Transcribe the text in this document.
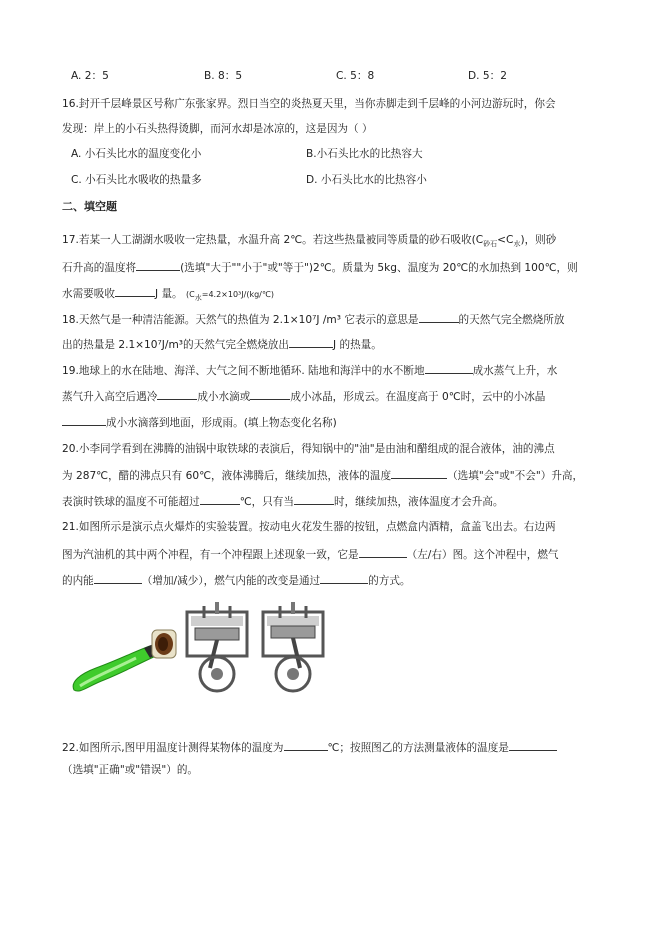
A. 2：5	B. 8：5	C. 5：8	D. 5：2
16.封开千层峰景区号称广东张家界。烈日当空的炎热夏天里，当你赤脚走到千层峰的小河边游玩时，你会
发现：岸上的小石头热得烫脚，而河水却是冰凉的，这是因为（ ）
A. 小石头比水的温度变化小	B.小石头比水的比热容大
C. 小石头比水吸收的热量多	D. 小石头比水的比热容小
二、填空题
17.若某一人工湖湖水吸收一定热量，水温升高 2℃。若这些热量被同等质量的砂石吸收$(C_{砂石}<C_水)$，则砂
石升高的温度将	(选填"大于""小于"或"等于")2℃。质量为 5kg、温度为 20℃的水加热到 100℃，则
水需要吸收	J 量。 ($C_水=4.2\times 10^3J/(kg/℃)$
18.天然气是一种清洁能源。天然气的热值为 2.1×10⁷J /m³ 它表示的意思是	的天然气完全燃烧所放
出的热量是 2.1×10⁷J/m³的天然气完全燃烧放出	J 的热量。
19.地球上的水在陆地、海洋、大气之间不断地循环. 陆地和海洋中的水不断地	成水蒸气上升，水
蒸气升入高空后遇冷	成小水滴或	成小冰晶，形成云。在温度高于 0℃时，云中的小冰晶
成小水滴落到地面，形成雨。(填上物态变化名称)
20.小李同学看到在沸腾的油锅中取铁球的表演后，得知锅中的"油"是由油和醋组成的混合液体，油的沸点
为 287℃，醋的沸点只有 60℃，液体沸腾后，继续加热，液体的温度	（选填"会"或"不会"）升高，
表演时铁球的温度不可能超过	℃，只有当	时，继续加热，液体温度才会升高。
21.如图所示是演示点火爆炸的实验装置。按动电火花发生器的按钮，点燃盒内酒精，盒盖飞出去。右边两
图为汽油机的其中两个冲程，有一个冲程跟上述现象一致，它是	（左/右）图。这个冲程中，燃气
的内能	（增加/减少），燃气内能的改变是通过	的方式。
22.如图所示,图甲用温度计测得某物体的温度为	℃；按照图乙的方法测量液体的温度是
（选填"正确"或"错误"）的。
